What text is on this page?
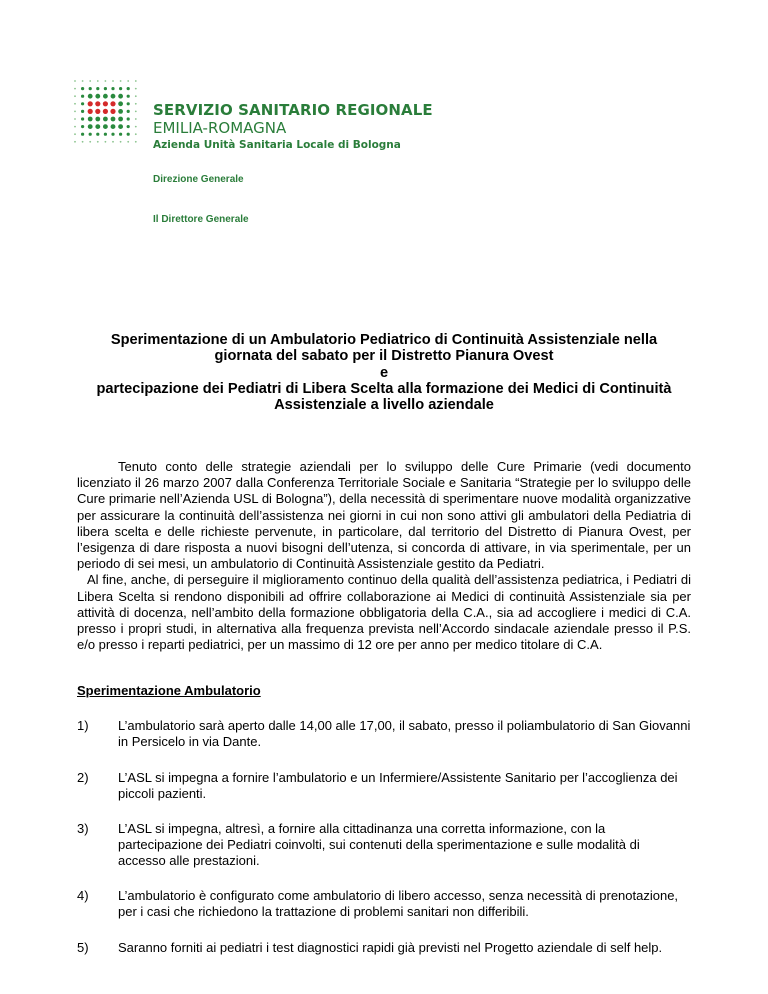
SERVIZIO SANITARIO REGIONALE
EMILIA-ROMAGNA
Azienda Unità Sanitaria Locale di Bologna
Direzione Generale
Il Direttore Generale
Sperimentazione di un Ambulatorio Pediatrico di Continuità Assistenziale nella
giornata del sabato per il Distretto Pianura Ovest
e
partecipazione dei Pediatri di Libera Scelta alla formazione dei Medici di Continuità
Assistenziale a livello aziendale

Tenuto conto delle strategie aziendali per lo sviluppo delle Cure Primarie (vedi documento licenziato il 26 marzo 2007 dalla Conferenza Territoriale Sociale e Sanitaria “Strategie per lo sviluppo delle Cure primarie nell’Azienda USL di Bologna”), della necessità di sperimentare nuove modalità organizzative per assicurare la continuità dell’assistenza nei giorni in cui non sono attivi gli ambulatori della Pediatria di libera scelta e delle richieste pervenute, in particolare, dal territorio del Distretto di Pianura Ovest, per l’esigenza di dare risposta a nuovi bisogni dell’utenza, si concorda di attivare, in via sperimentale, per un periodo di sei mesi, un ambulatorio di Continuità Assistenziale gestito da Pediatri.

Al fine, anche, di perseguire il miglioramento continuo della qualità dell’assistenza pediatrica, i Pediatri di Libera Scelta si rendono disponibili ad offrire collaborazione ai Medici di continuità Assistenziale sia per attività di docenza, nell’ambito della formazione obbligatoria della C.A., sia ad accogliere i medici di C.A. presso i propri studi, in alternativa alla frequenza prevista nell’Accordo sindacale aziendale presso il P.S. e/o presso i reparti pediatrici, per un massimo di 12 ore per anno per medico titolare di C.A.

Sperimentazione Ambulatorio
1) L’ambulatorio sarà aperto dalle 14,00 alle 17,00, il sabato, presso il poliambulatorio di San Giovanni in Persicelo in via Dante.
2) L’ASL si impegna a fornire l’ambulatorio e un Infermiere/Assistente Sanitario per l’accoglienza dei piccoli pazienti.
3) L’ASL si impegna, altresì, a fornire alla cittadinanza una corretta informazione, con la partecipazione dei Pediatri coinvolti, sui contenuti della sperimentazione e sulle modalità di accesso alle prestazioni.
4) L’ambulatorio è configurato come ambulatorio di libero accesso, senza necessità di prenotazione, per i casi che richiedono la trattazione di problemi sanitari non differibili.
5) Saranno forniti ai pediatri i test diagnostici rapidi già previsti nel Progetto aziendale di self help.
